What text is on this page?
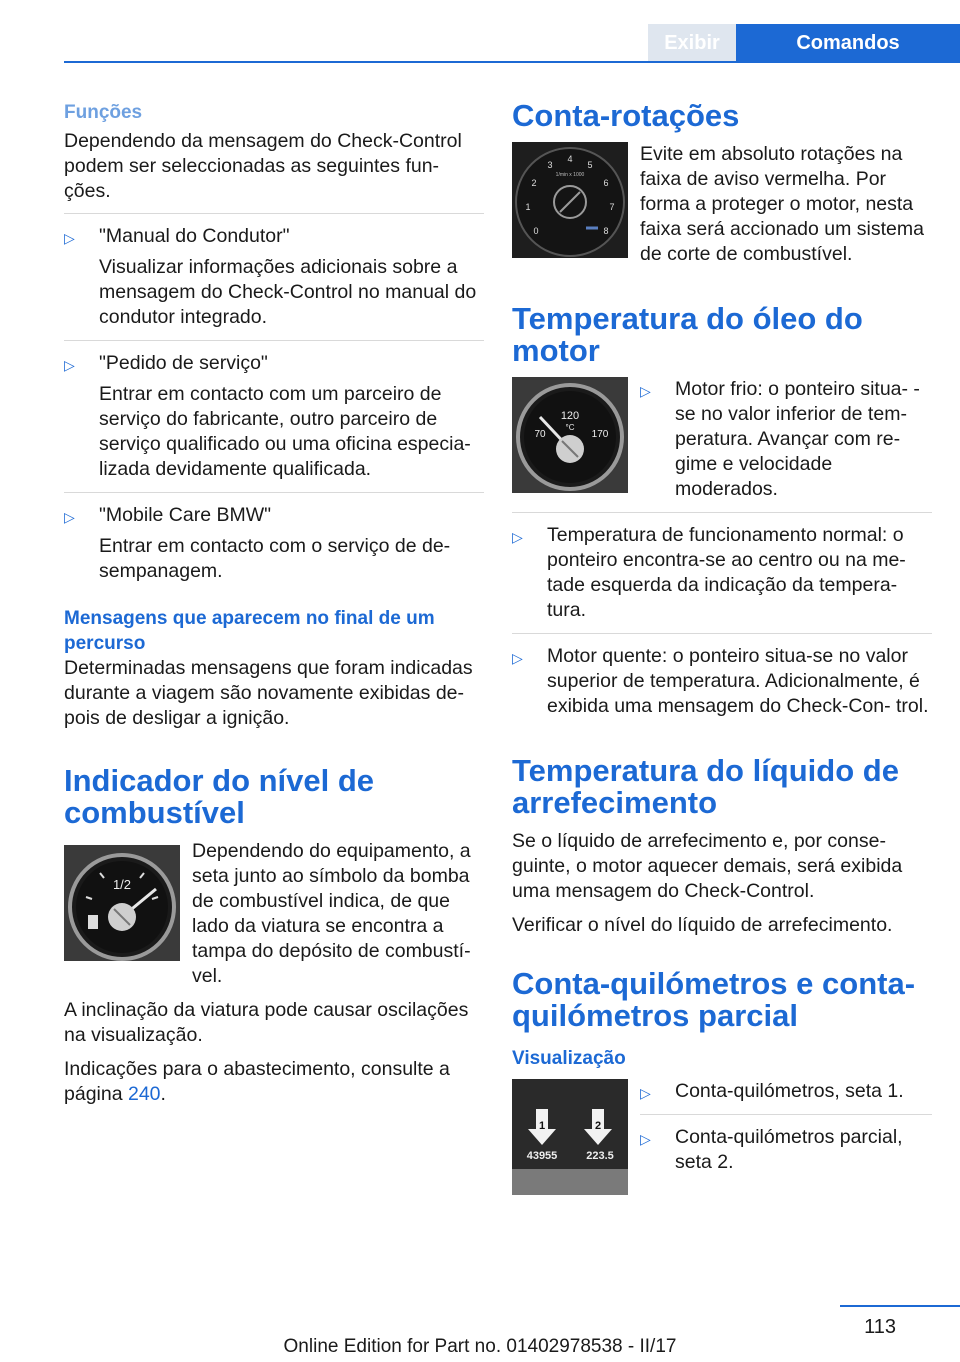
Exibir	Comandos
Funções

Dependendo da mensagem do Check-Control podem ser seleccionadas as seguintes fun- ções.

▷ "Manual do Condutor"
Visualizar informações adicionais sobre a mensagem do Check-Control no manual do condutor integrado.
▷ "Pedido de serviço"
Entrar em contacto com um parceiro de serviço do fabricante, outro parceiro de serviço qualificado ou uma oficina especia- lizada devidamente qualificada.
▷ "Mobile Care BMW"
Entrar em contacto com o serviço de de- sempanagem.
Mensagens que aparecem no final de um percurso

Determinadas mensagens que foram indicadas durante a viagem são novamente exibidas de- pois de desligar a ignição.

Indicador do nível de combustível
1/2

Dependendo do equipamento, a seta junto ao símbolo da bomba de combustível indica, de que lado da viatura se encontra a tampa do depósito de combustí- vel.

A inclinação da viatura pode causar oscilações na visualização.

Indicações para o abastecimento, consulte a página 240.

Conta-rotações
0
1
2
3
4
5
6
7
8
1/min x 1000

Evite em absoluto rotações na faixa de aviso vermelha. Por forma a proteger o motor, nesta faixa será accionado um sistema de corte de combustível.

Temperatura do óleo do motor
120
°C
70	170
▷ Motor frio: o ponteiro situa- -se no valor inferior de tem- peratura. Avançar com re- gime e velocidade moderados.
▷ Temperatura de funcionamento normal: o ponteiro encontra-se ao centro ou na me- tade esquerda da indicação da tempera- tura.
▷ Motor quente: o ponteiro situa-se no valor superior de temperatura. Adicionalmente, é exibida uma mensagem do Check-Con- trol.
Temperatura do líquido de arrefecimento

Se o líquido de arrefecimento e, por conse- guinte, o motor aquecer demais, será exibida uma mensagem do Check-Control.

Verificar o nível do líquido de arrefecimento.

Conta-quilómetros e conta- quilómetros parcial
Visualização
1	2
43955	223.5
▷ Conta-quilómetros, seta 1.
▷ Conta-quilómetros parcial, seta 2.
113
Online Edition for Part no. 01402978538 - II/17
